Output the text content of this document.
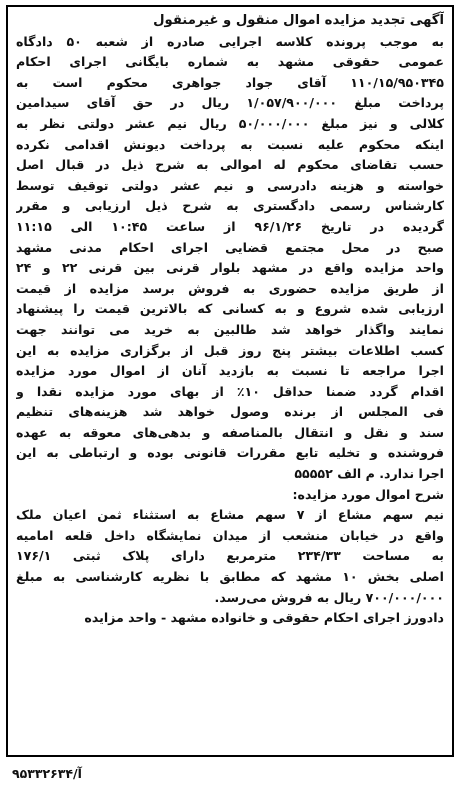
آگهی تجدید مزایده اموال منقول و غیرمنقول
به موجب پرونده کلاسه اجرایی صادره از شعبه ۵۰ دادگاه
عمومی حقوقی مشهد به شماره بایگانی اجرای احکام
۱۱۰/۱۵/۹۵۰۳۴۵ آقای جواد جواهری محکوم است به
پرداخت مبلغ ۱/۰۵۷/۹۰۰/۰۰۰ ریال در حق آقای سیدامین
کلالی و نیز مبلغ ۵۰/۰۰۰/۰۰۰ ریال نیم عشر دولتی نظر به
اینکه محکوم علیه نسبت به پرداخت دیونش اقدامی نکرده
حسب تقاضای محکوم له اموالی به شرح ذیل در قبال اصل
خواسته و هزینه دادرسی و نیم عشر دولتی توقیف توسط
کارشناس رسمی دادگستری به شرح ذیل ارزیابی و مقرر
گردیده در تاریخ ۹۶/۱/۲۶ از ساعت ۱۰:۴۵ الی ۱۱:۱۵
صبح در محل مجتمع قضایی اجرای احکام مدنی مشهد
واحد مزایده واقع در مشهد بلوار قرنی بین قرنی ۲۲ و ۲۴
از طریق مزایده حضوری به فروش برسد مزایده از قیمت
ارزیابی شده شروع و به کسانی که بالاترین قیمت را پیشنهاد
نمایند واگذار خواهد شد طالبین به خرید می توانند جهت
کسب اطلاعات بیشتر پنج روز قبل از برگزاری مزایده به این
اجرا مراجعه تا نسبت به بازدید آنان از اموال مورد مزایده
اقدام گردد ضمنا حداقل ۱۰٪ از بهای مورد مزایده نقدا و
فی المجلس از برنده وصول خواهد شد هزینه‌های تنظیم
سند و نقل و انتقال بالمناصفه و بدهی‌های معوقه به عهده
فروشنده و تخلیه تابع مقررات قانونی بوده و ارتباطی به این
اجرا ندارد. م الف ۵۵۵۵۲
شرح اموال مورد مزایده:
نیم سهم مشاع از ۷ سهم مشاع به استثناء ثمن اعیان ملک
واقع در خیابان منشعب از میدان نمایشگاه داخل قلعه امامیه
به مساحت ۲۳۴/۳۳ مترمربع دارای پلاک ثبتی ۱۷۶/۱
اصلی بخش ۱۰ مشهد که مطابق با نظریه کارشناسی به مبلغ
۷۰۰/۰۰۰/۰۰۰ ریال به فروش می‌رسد.
دادورز اجرای احکام حقوقی و خانواده مشهد - واحد مزایده
آ/۹۵۳۳۲۶۳۴
